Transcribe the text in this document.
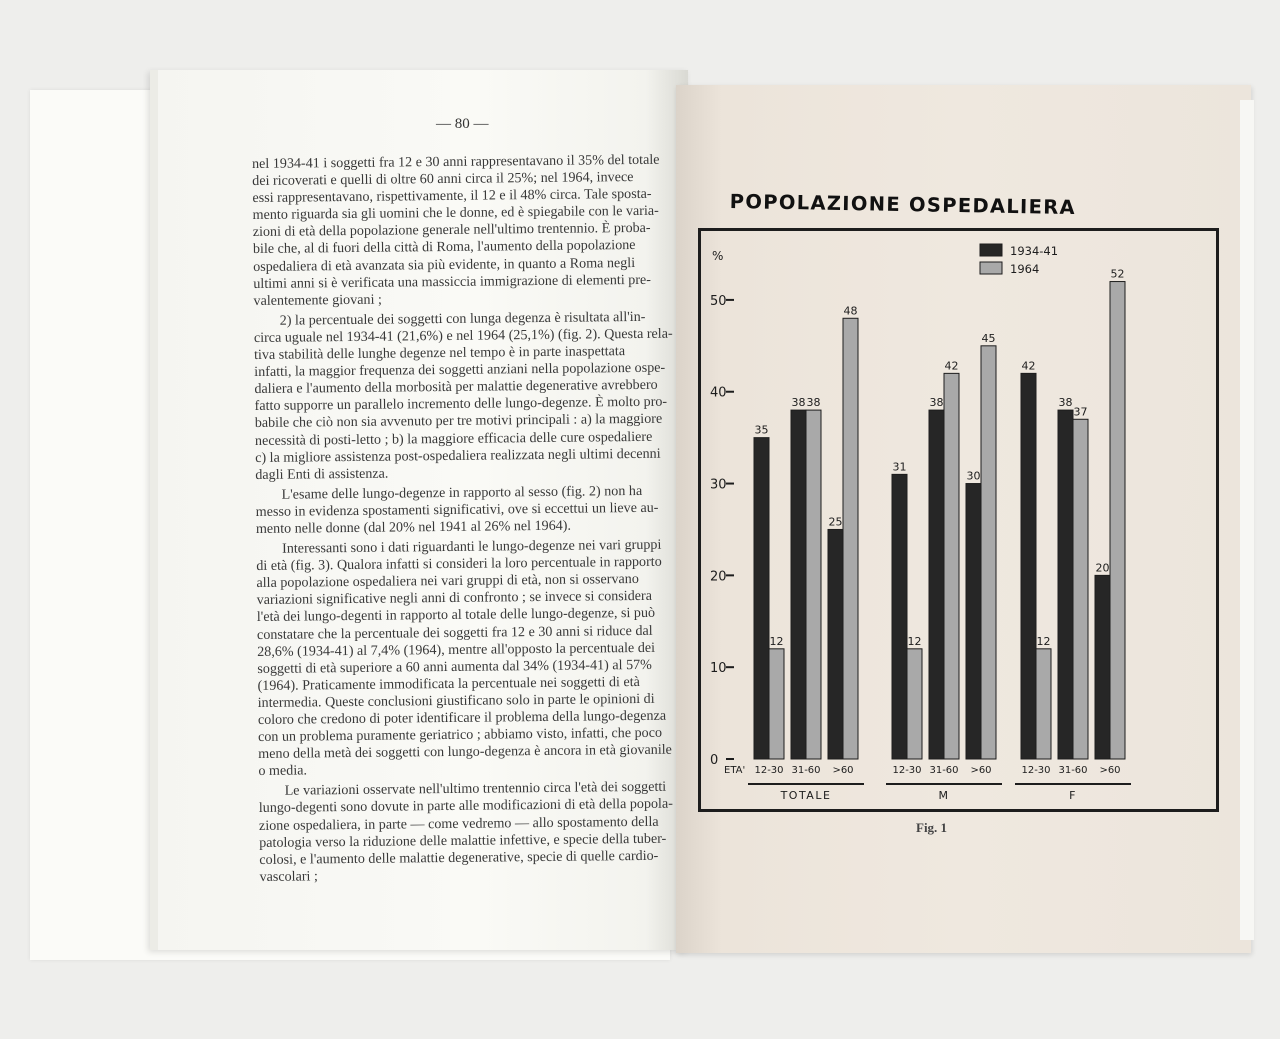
— 80 —

nel 1934-41 i soggetti fra 12 e 30 anni rappresentavano il 35% del totale

dei ricoverati e quelli di oltre 60 anni circa il 25%; nel 1964, invece

essi rappresentavano, rispettivamente, il 12 e il 48% circa. Tale sposta-

mento riguarda sia gli uomini che le donne, ed è spiegabile con le varia-

zioni di età della popolazione generale nell'ultimo trentennio. È proba-

bile che, al di fuori della città di Roma, l'aumento della popolazione

ospedaliera di età avanzata sia più evidente, in quanto a Roma negli

ultimi anni si è verificata una massiccia immigrazione di elementi pre-

valentemente giovani ;

2) la percentuale dei soggetti con lunga degenza è risultata all'in-

circa uguale nel 1934-41 (21,6%) e nel 1964 (25,1%) (fig. 2). Questa rela-

tiva stabilità delle lunghe degenze nel tempo è in parte inaspettata

infatti, la maggior frequenza dei soggetti anziani nella popolazione ospe-

daliera e l'aumento della morbosità per malattie degenerative avrebbero

fatto supporre un parallelo incremento delle lungo-degenze. È molto pro-

babile che ciò non sia avvenuto per tre motivi principali : a) la maggiore

necessità di posti-letto ; b) la maggiore efficacia delle cure ospedaliere

c) la migliore assistenza post-ospedaliera realizzata negli ultimi decenni

dagli Enti di assistenza.

L'esame delle lungo-degenze in rapporto al sesso (fig. 2) non ha

messo in evidenza spostamenti significativi, ove si eccettui un lieve au-

mento nelle donne (dal 20% nel 1941 al 26% nel 1964).

Interessanti sono i dati riguardanti le lungo-degenze nei vari gruppi

di età (fig. 3). Qualora infatti si consideri la loro percentuale in rapporto

alla popolazione ospedaliera nei vari gruppi di età, non si osservano

variazioni significative negli anni di confronto ; se invece si considera

l'età dei lungo-degenti in rapporto al totale delle lungo-degenze, si può

constatare che la percentuale dei soggetti fra 12 e 30 anni si riduce dal

28,6% (1934-41) al 7,4% (1964), mentre all'opposto la percentuale dei

soggetti di età superiore a 60 anni aumenta dal 34% (1934-41) al 57%

(1964). Praticamente immodificata la percentuale nei soggetti di età

intermedia. Queste conclusioni giustificano solo in parte le opinioni di

coloro che credono di poter identificare il problema della lungo-degenza

con un problema puramente geriatrico ; abbiamo visto, infatti, che poco

meno della metà dei soggetti con lungo-degenza è ancora in età giovanile

o media.

Le variazioni osservate nell'ultimo trentennio circa l'età dei soggetti

lungo-degenti sono dovute in parte alle modificazioni di età della popola-

zione ospedaliera, in parte — come vedremo — allo spostamento della

patologia verso la riduzione delle malattie infettive, e specie della tuber-

colosi, e l'aumento delle malattie degenerative, specie di quelle cardio-

vascolari ;

POPOLAZIONE OSPEDALIERA
%
0
10
20
30
40
50
1934-41
1964
ETA'
35
12
12-30
38 38
31-60
25
48
>60
TOTALE
31
12
12-30
38
42
31-60
30
45
>60
M
42
12
12-30
38
37
31-60
20
52
>60
F
Fig. 1
